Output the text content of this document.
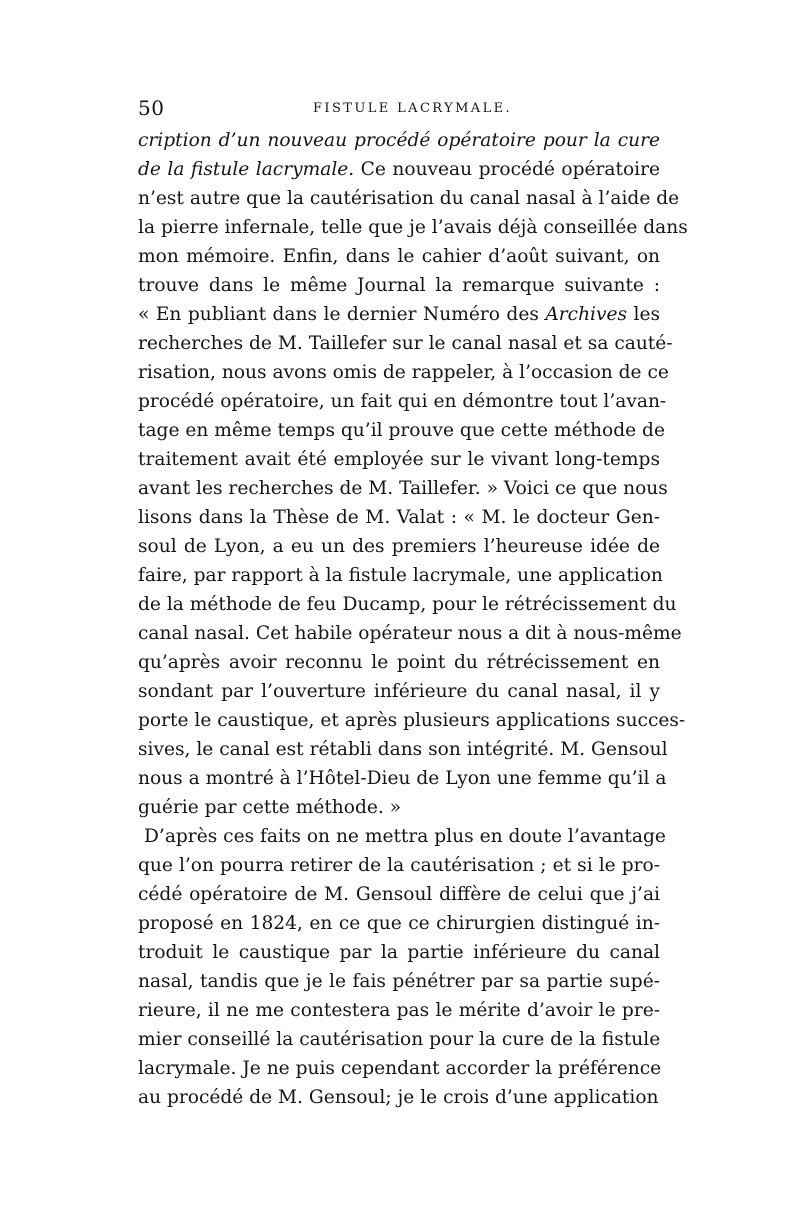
50	FISTULE LACRYMALE.
cription d’un nouveau procédé opératoire pour la cure
de la fistule lacrymale. Ce nouveau procédé opératoire
n’est autre que la cautérisation du canal nasal à l’aide de
la pierre infernale, telle que je l’avais déjà conseillée dans
mon mémoire. Enfin, dans le cahier d’août suivant, on
trouve dans le même Journal la remarque suivante :
« En publiant dans le dernier Numéro des Archives les
recherches de M. Taillefer sur le canal nasal et sa cauté-
risation, nous avons omis de rappeler, à l’occasion de ce
procédé opératoire, un fait qui en démontre tout l’avan-
tage en même temps qu’il prouve que cette méthode de
traitement avait été employée sur le vivant long-temps
avant les recherches de M. Taillefer. » Voici ce que nous
lisons dans la Thèse de M. Valat : « M. le docteur Gen-
soul de Lyon, a eu un des premiers l’heureuse idée de
faire, par rapport à la fistule lacrymale, une application
de la méthode de feu Ducamp, pour le rétrécissement du
canal nasal. Cet habile opérateur nous a dit à nous-même
qu’après avoir reconnu le point du rétrécissement en
sondant par l’ouverture inférieure du canal nasal, il y
porte le caustique, et après plusieurs applications succes-
sives, le canal est rétabli dans son intégrité. M. Gensoul
nous a montré à l’Hôtel-Dieu de Lyon une femme qu’il a
guérie par cette méthode. »
D’après ces faits on ne mettra plus en doute l’avantage
que l’on pourra retirer de la cautérisation ; et si le pro-
cédé opératoire de M. Gensoul diffère de celui que j’ai
proposé en 1824, en ce que ce chirurgien distingué in-
troduit le caustique par la partie inférieure du canal
nasal, tandis que je le fais pénétrer par sa partie supé-
rieure, il ne me contestera pas le mérite d’avoir le pre-
mier conseillé la cautérisation pour la cure de la fistule
lacrymale. Je ne puis cependant accorder la préférence
au procédé de M. Gensoul; je le crois d’une application
